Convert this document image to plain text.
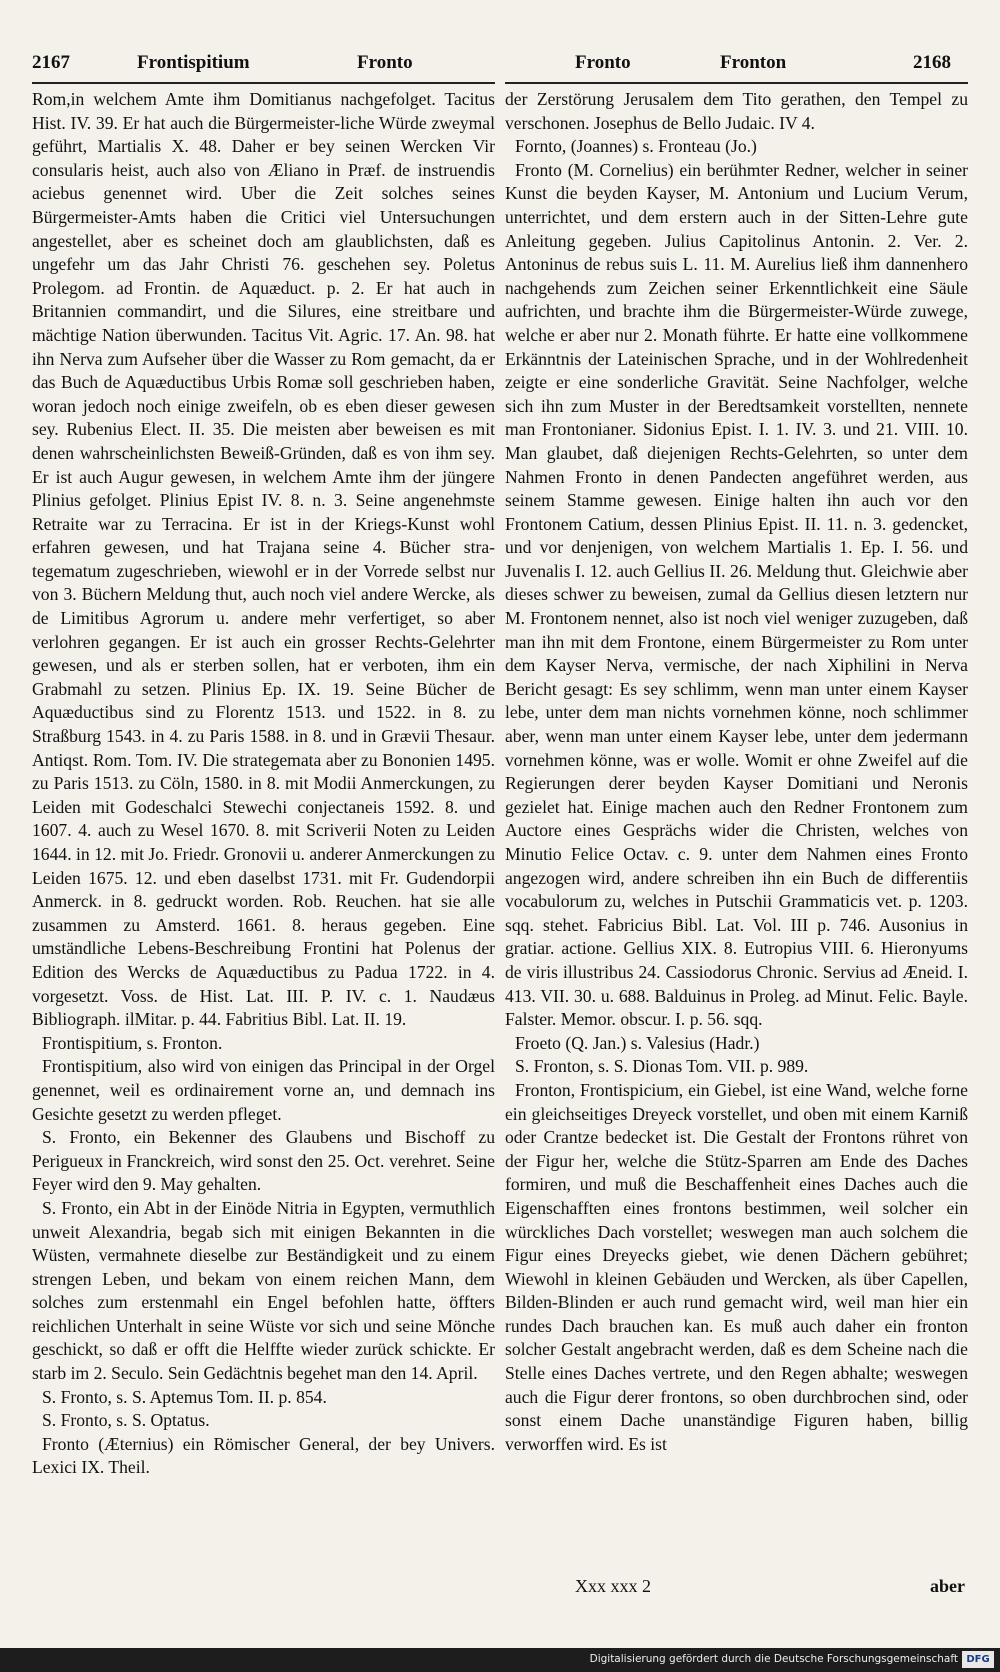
2167	Frontispitium	Fronto	Fronto	Fronton	2168

Rom,in welchem Amte ihm Domitianus nachgefolget. Tacitus Hist. IV. 39. Er hat auch die Bürgermeister-liche Würde zweymal geführt, Martialis X. 48. Daher er bey seinen Wercken Vir consularis heist, auch also von Æliano in Præf. de instruendis aciebus genennet wird. Uber die Zeit solches seines Bürgermeister-Amts haben die Critici viel Untersuchungen angestellet, aber es scheinet doch am glaublichsten, daß es ungefehr um das Jahr Christi 76. geschehen sey. Poletus Prolegom. ad Frontin. de Aquæduct. p. 2. Er hat auch in Britannien commandirt, und die Silures, eine streitbare und mächtige Nation überwunden. Tacitus Vit. Agric. 17. An. 98. hat ihn Nerva zum Aufseher über die Wasser zu Rom gemacht, da er das Buch de Aquæductibus Urbis Romæ soll geschrieben haben, woran jedoch noch einige zweifeln, ob es eben dieser gewesen sey. Rubenius Elect. II. 35. Die meisten aber beweisen es mit denen wahrscheinlichsten Beweiß-Gründen, daß es von ihm sey. Er ist auch Augur gewesen, in welchem Amte ihm der jüngere Plinius gefolget. Plinius Epist IV. 8. n. 3. Seine angenehmste Retraite war zu Terracina. Er ist in der Kriegs-Kunst wohl erfahren gewesen, und hat Trajana seine 4. Bücher stra-tegematum zugeschrieben, wiewohl er in der Vorrede selbst nur von 3. Büchern Meldung thut, auch noch viel andere Wercke, als de Limitibus Agrorum u. andere mehr verfertiget, so aber verlohren gegangen. Er ist auch ein grosser Rechts-Gelehrter gewesen, und als er sterben sollen, hat er verboten, ihm ein Grabmahl zu setzen. Plinius Ep. IX. 19. Seine Bücher de Aquæductibus sind zu Florentz 1513. und 1522. in 8. zu Straßburg 1543. in 4. zu Paris 1588. in 8. und in Grævii Thesaur. Antiqst. Rom. Tom. IV. Die strategemata aber zu Bononien 1495. zu Paris 1513. zu Cöln, 1580. in 8. mit Modii Anmerckungen, zu Leiden mit Godeschalci Stewechi conjectaneis 1592. 8. und 1607. 4. auch zu Wesel 1670. 8. mit Scriverii Noten zu Leiden 1644. in 12. mit Jo. Friedr. Gronovii u. anderer Anmerckungen zu Leiden 1675. 12. und eben daselbst 1731. mit Fr. Gudendorpii Anmerck. in 8. gedruckt worden. Rob. Reuchen. hat sie alle zusammen zu Amsterd. 1661. 8. heraus gegeben. Eine umständliche Lebens-Beschreibung Frontini hat Polenus der Edition des Wercks de Aquæductibus zu Padua 1722. in 4. vorgesetzt. Voss. de Hist. Lat. III. P. IV. c. 1. Naudæus Bibliograph. ilMitar. p. 44. Fabritius Bibl. Lat. II. 19.

Frontispitium, s. Fronton.

Frontispitium, also wird von einigen das Principal in der Orgel genennet, weil es ordinairement vorne an, und demnach ins Gesichte gesetzt zu werden pfleget.

S. Fronto, ein Bekenner des Glaubens und Bischoff zu Perigueux in Franckreich, wird sonst den 25. Oct. verehret. Seine Feyer wird den 9. May gehalten.

S. Fronto, ein Abt in der Einöde Nitria in Egypten, vermuthlich unweit Alexandria, begab sich mit einigen Bekannten in die Wüsten, vermahnete dieselbe zur Beständigkeit und zu einem strengen Leben, und bekam von einem reichen Mann, dem solches zum erstenmahl ein Engel befohlen hatte, öffters reichlichen Unterhalt in seine Wüste vor sich und seine Mönche geschickt, so daß er offt die Helffte wieder zurück schickte. Er starb im 2. Seculo. Sein Gedächtnis begehet man den 14. April.

S. Fronto, s. S. Aptemus Tom. II. p. 854.

S. Fronto, s. S. Optatus.

Fronto (Æternius) ein Römischer General, der bey Univers. Lexici IX. Theil.

der Zerstörung Jerusalem dem Tito gerathen, den Tempel zu verschonen. Josephus de Bello Judaic. IV 4.

Fornto, (Joannes) s. Fronteau (Jo.)

Fronto (M. Cornelius) ein berühmter Redner, welcher in seiner Kunst die beyden Kayser, M. Antonium und Lucium Verum, unterrichtet, und dem erstern auch in der Sitten-Lehre gute Anleitung gegeben. Julius Capitolinus Antonin. 2. Ver. 2. Antoninus de rebus suis L. 11. M. Aurelius ließ ihm dannenhero nachgehends zum Zeichen seiner Erkenntlichkeit eine Säule aufrichten, und brachte ihm die Bürgermeister-Würde zuwege, welche er aber nur 2. Monath führte. Er hatte eine vollkommene Erkänntnis der Lateinischen Sprache, und in der Wohlredenheit zeigte er eine sonderliche Gravität. Seine Nachfolger, welche sich ihn zum Muster in der Beredtsamkeit vorstellten, nennete man Frontonianer. Sidonius Epist. I. 1. IV. 3. und 21. VIII. 10. Man glaubet, daß diejenigen Rechts-Gelehrten, so unter dem Nahmen Fronto in denen Pandecten angeführet werden, aus seinem Stamme gewesen. Einige halten ihn auch vor den Frontonem Catium, dessen Plinius Epist. II. 11. n. 3. gedencket, und vor denjenigen, von welchem Martialis 1. Ep. I. 56. und Juvenalis I. 12. auch Gellius II. 26. Meldung thut. Gleichwie aber dieses schwer zu beweisen, zumal da Gellius diesen letztern nur M. Frontonem nennet, also ist noch viel weniger zuzugeben, daß man ihn mit dem Frontone, einem Bürgermeister zu Rom unter dem Kayser Nerva, vermische, der nach Xiphilini in Nerva Bericht gesagt: Es sey schlimm, wenn man unter einem Kayser lebe, unter dem man nichts vornehmen könne, noch schlimmer aber, wenn man unter einem Kayser lebe, unter dem jedermann vornehmen könne, was er wolle. Womit er ohne Zweifel auf die Regierungen derer beyden Kayser Domitiani und Neronis gezielet hat. Einige machen auch den Redner Frontonem zum Auctore eines Gesprächs wider die Christen, welches von Minutio Felice Octav. c. 9. unter dem Nahmen eines Fronto angezogen wird, andere schreiben ihn ein Buch de differentiis vocabulorum zu, welches in Putschii Grammaticis vet. p. 1203. sqq. stehet. Fabricius Bibl. Lat. Vol. III p. 746. Ausonius in gratiar. actione. Gellius XIX. 8. Eutropius VIII. 6. Hieronyums de viris illustribus 24. Cassiodorus Chronic. Servius ad Æneid. I. 413. VII. 30. u. 688. Balduinus in Proleg. ad Minut. Felic. Bayle. Falster. Memor. obscur. I. p. 56. sqq.

Froeto (Q. Jan.) s. Valesius (Hadr.)

S. Fronton, s. S. Dionas Tom. VII. p. 989.

Fronton, Frontispicium, ein Giebel, ist eine Wand, welche forne ein gleichseitiges Dreyeck vorstellet, und oben mit einem Karniß oder Crantze bedecket ist. Die Gestalt der Frontons rühret von der Figur her, welche die Stütz-Sparren am Ende des Daches formiren, und muß die Beschaffenheit eines Daches auch die Eigenschafften eines frontons bestimmen, weil solcher ein würckliches Dach vorstellet; weswegen man auch solchem die Figur eines Dreyecks giebet, wie denen Dächern gebühret; Wiewohl in kleinen Gebäuden und Wercken, als über Capellen, Bilden-Blinden er auch rund gemacht wird, weil man hier ein rundes Dach brauchen kan. Es muß auch daher ein fronton solcher Gestalt angebracht werden, daß es dem Scheine nach die Stelle eines Daches vertrete, und den Regen abhalte; weswegen auch die Figur derer frontons, so oben durchbrochen sind, oder sonst einem Dache unanständige Figuren haben, billig verworffen wird. Es ist

Xxx xxx 2	aber
Digitalisierung gefördert durch die Deutsche Forschungsgemeinschaft DFG
